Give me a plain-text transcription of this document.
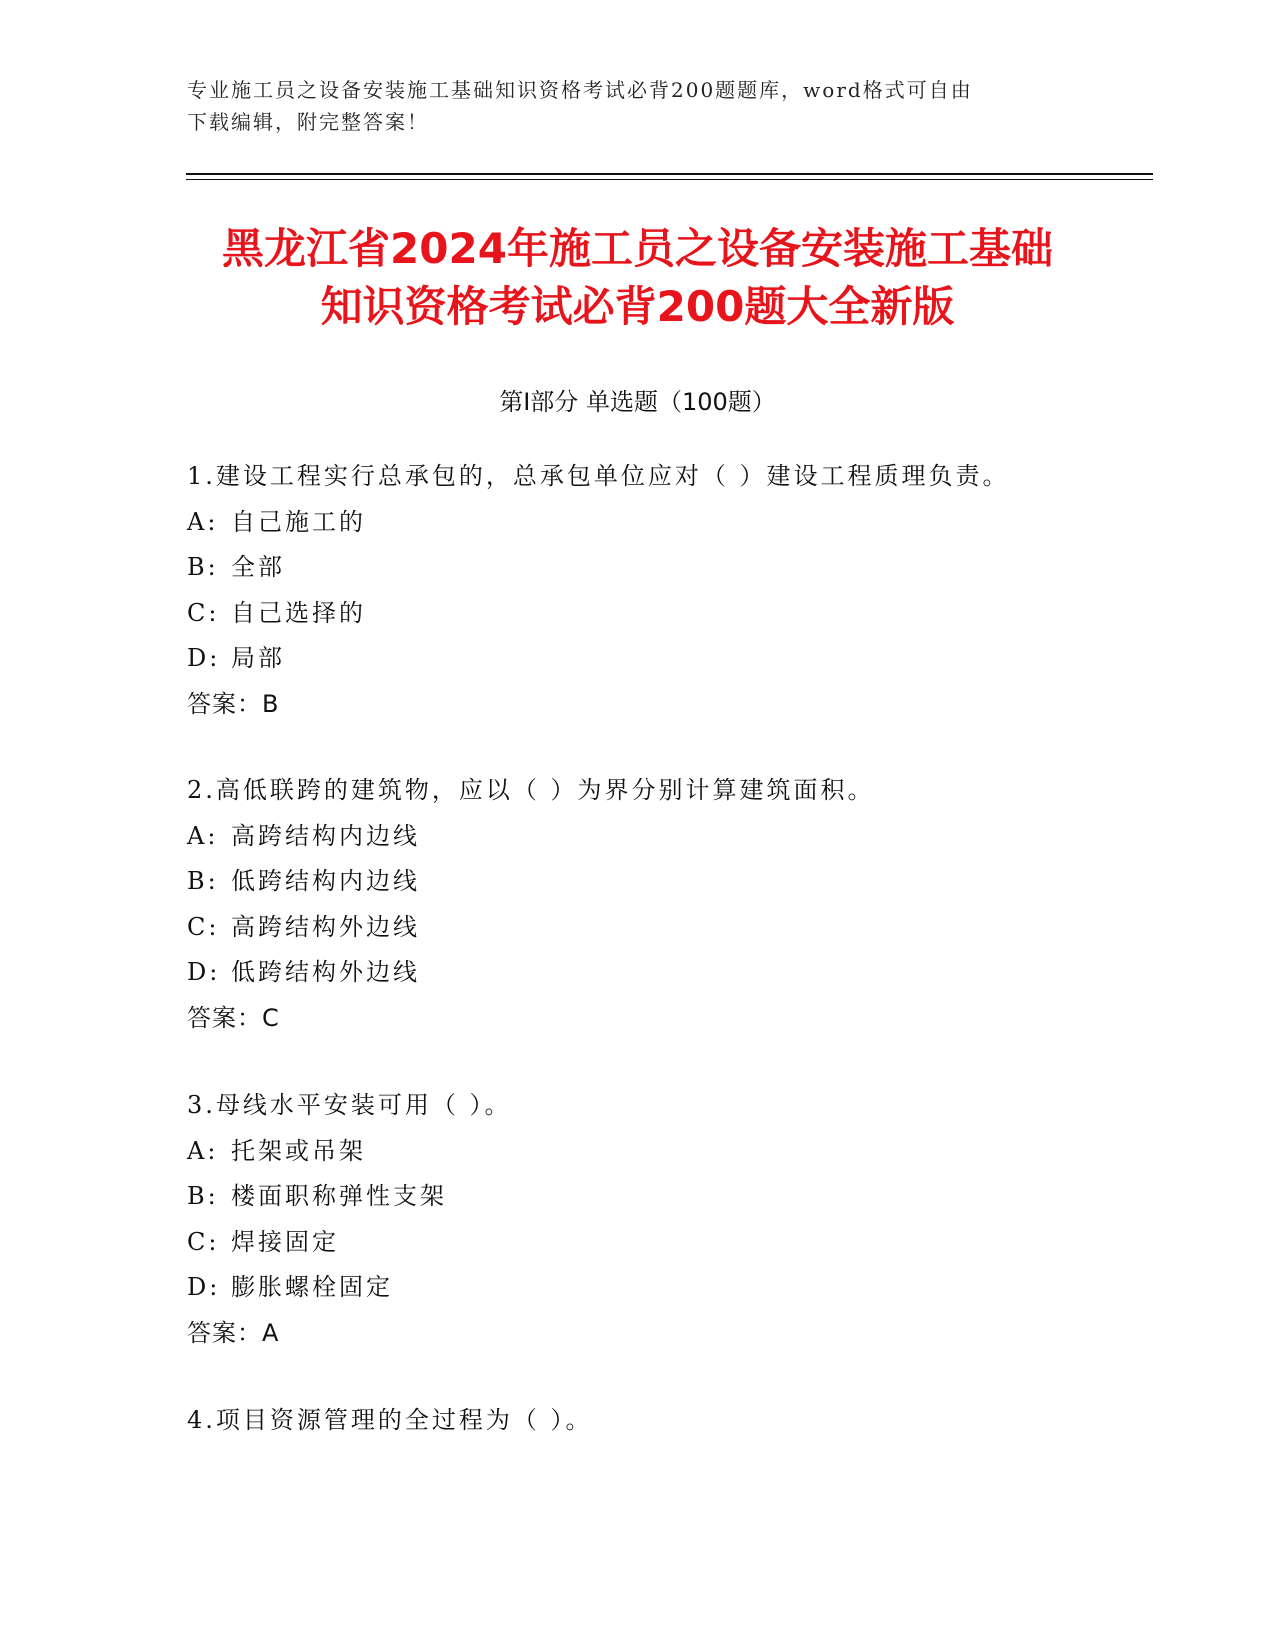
专业施工员之设备安装施工基础知识资格考试必背200题题库，word格式可自由
下载编辑，附完整答案！
黑龙江省2024年施工员之设备安装施工基础
知识资格考试必背200题大全新版
第Ⅰ部分 单选题（100题）
1.建设工程实行总承包的，总承包单位应对（ ）建设工程质理负责。
A: 自己施工的
B: 全部
C: 自己选择的
D: 局部
答案：B
2.高低联跨的建筑物，应以（ ）为界分别计算建筑面积。
A: 高跨结构内边线
B: 低跨结构内边线
C: 高跨结构外边线
D: 低跨结构外边线
答案：C
3.母线水平安装可用（ ）。
A: 托架或吊架
B: 楼面职称弹性支架
C: 焊接固定
D: 膨胀螺栓固定
答案：A
4.项目资源管理的全过程为（ ）。
